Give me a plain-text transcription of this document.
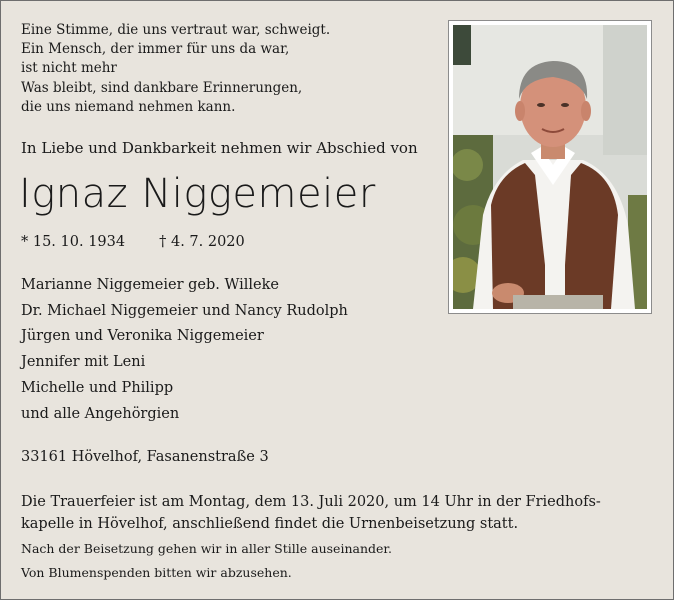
Eine Stimme, die uns vertraut war, schweigt.
Ein Mensch, der immer für uns da war,
ist nicht mehr
Was bleibt, sind dankbare Erinnerungen,
die uns niemand nehmen kann.
In Liebe und Dankbarkeit nehmen wir Abschied von
Ignaz Niggemeier
* 15. 10. 1934 † 4. 7. 2020
Marianne Niggemeier geb. Willeke
Dr. Michael Niggemeier und Nancy Rudolph
Jürgen und Veronika Niggemeier
Jennifer mit Leni
Michelle und Philipp
und alle Angehörgien
33161 Hövelhof, Fasanenstraße 3
Die Trauerfeier ist am Montag, dem 13. Juli 2020, um 14 Uhr in der Friedhofs-
kapelle in Hövelhof, anschließend findet die Urnenbeisetzung statt.
Nach der Beisetzung gehen wir in aller Stille auseinander.
Von Blumenspenden bitten wir abzusehen.
